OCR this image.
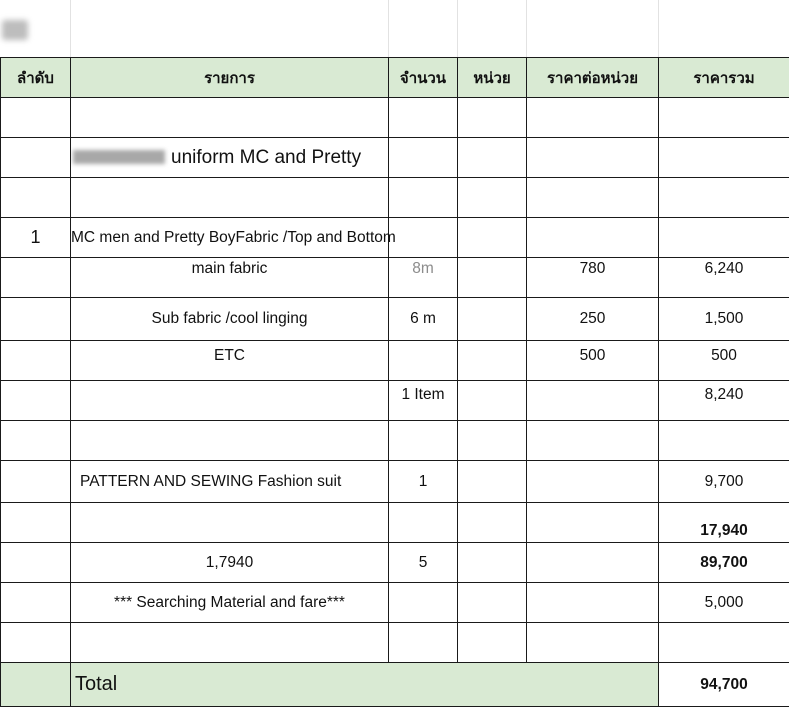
ลำดับ	รายการ	จำนวน	หน่วย	ราคาต่อหน่วย	ราคารวม

	uniform MC and Pretty				

1	MC men and Pretty BoyFabric /Top and Bottom				
	main fabric	8m		780	6,240
	Sub fabric /cool linging	6 m		250	1,500
	ETC			500	500
		1 Item			8,240

	PATTERN AND SEWING Fashion suit	1			9,700
					17,940
	1,7940	5			89,700
	*** Searching Material and fare***				5,000

	Total				94,700
